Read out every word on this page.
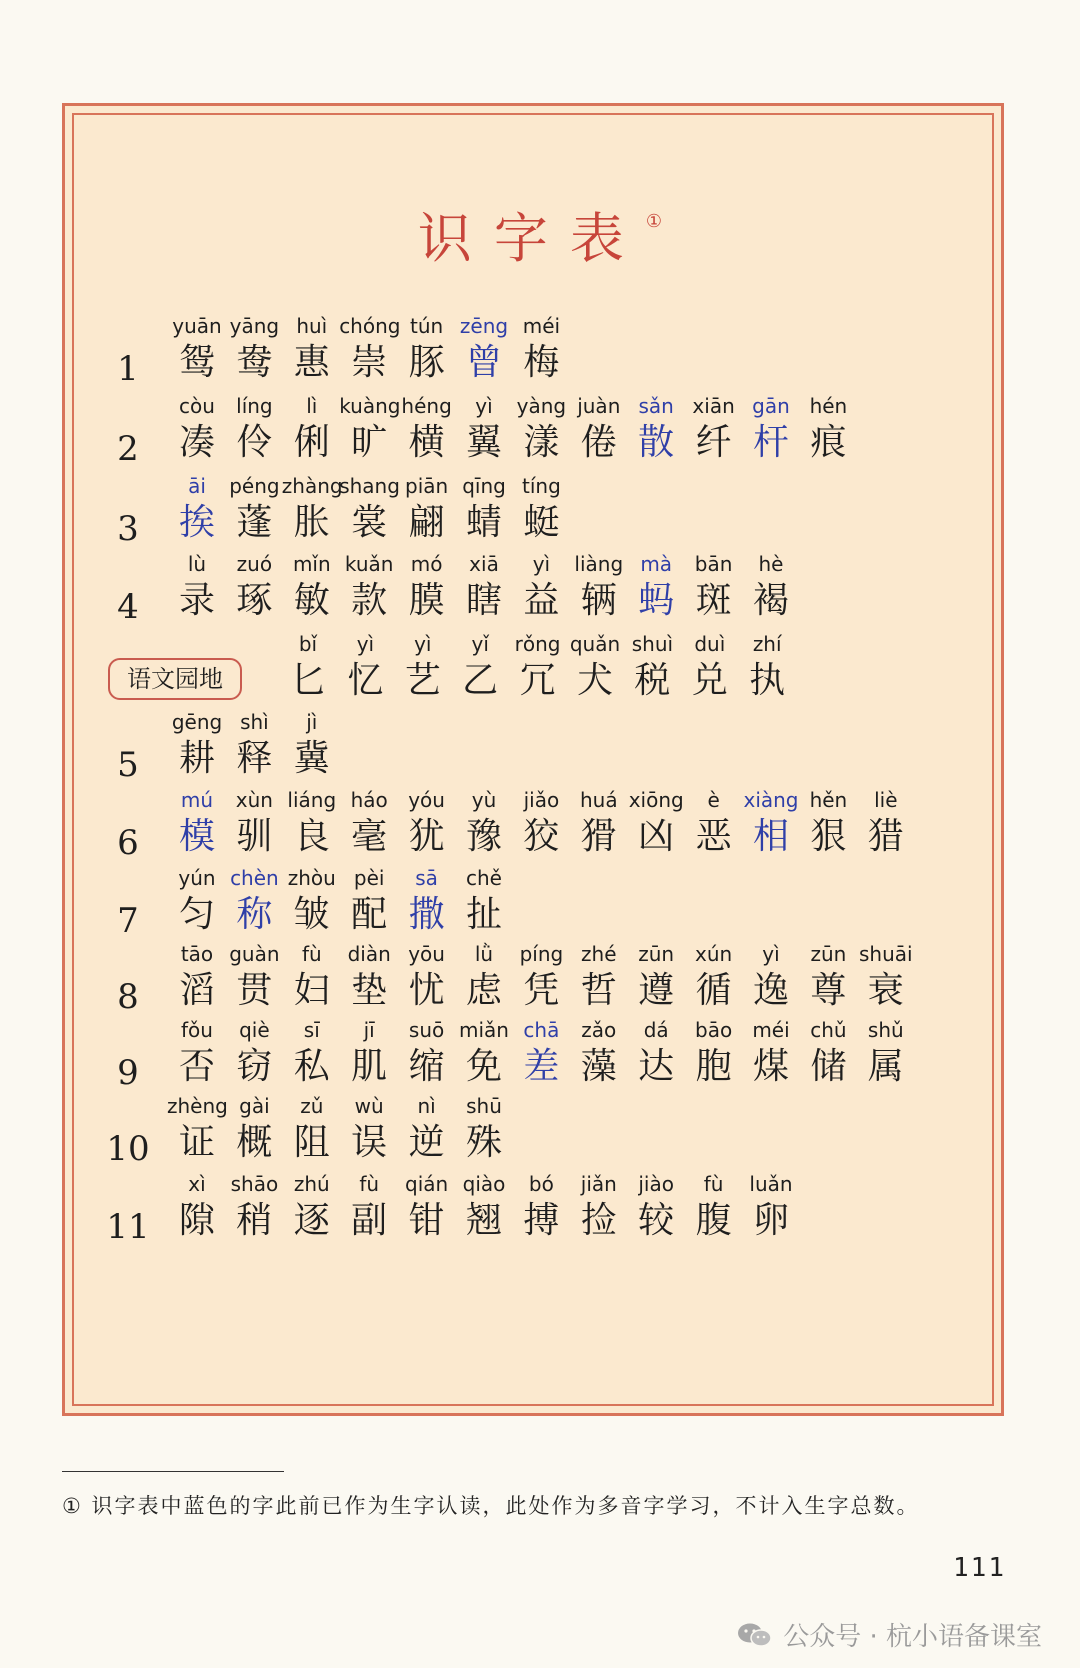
识字表①
1
yuān
鸳
yāng
鸯
huì
惠
chóng
崇
tún
豚
zēng
曾
méi
梅
2
còu
凑
líng
伶
lì
俐
kuàng
旷
héng
横
yì
翼
yàng
漾
juàn
倦
sǎn
散
xiān
纤
gān
杆
hén
痕
3
āi
挨
péng
蓬
zhàng
胀
shang
裳
piān
翩
qīng
蜻
tíng
蜓
4
lù
录
zuó
琢
mǐn
敏
kuǎn
款
mó
膜
xiā
瞎
yì
益
liàng
辆
mà
蚂
bān
斑
hè
褐
语文园地
bǐ
匕
yì
忆
yì
艺
yǐ
乙
rǒng
冗
quǎn
犬
shuì
税
duì
兑
zhí
执
5
gēng
耕
shì
释
jì
冀
6
mú
模
xùn
驯
liáng
良
háo
毫
yóu
犹
yù
豫
jiǎo
狡
huá
猾
xiōng
凶
è
恶
xiàng
相
hěn
狠
liè
猎
7
yún
匀
chèn
称
zhòu
皱
pèi
配
sā
撒
chě
扯
8
tāo
滔
guàn
贯
fù
妇
diàn
垫
yōu
忧
lǜ
虑
píng
凭
zhé
哲
zūn
遵
xún
循
yì
逸
zūn
尊
shuāi
衰
9
fǒu
否
qiè
窃
sī
私
jī
肌
suō
缩
miǎn
免
chā
差
zǎo
藻
dá
达
bāo
胞
méi
煤
chǔ
储
shǔ
属
10
zhèng
证
gài
概
zǔ
阻
wù
误
nì
逆
shū
殊
11
xì
隙
shāo
稍
zhú
逐
fù
副
qián
钳
qiào
翘
bó
搏
jiǎn
捡
jiào
较
fù
腹
luǎn
卵
① 识字表中蓝色的字此前已作为生字认读，此处作为多音字学习，不计入生字总数。
111
公众号 · 杭小语备课室
